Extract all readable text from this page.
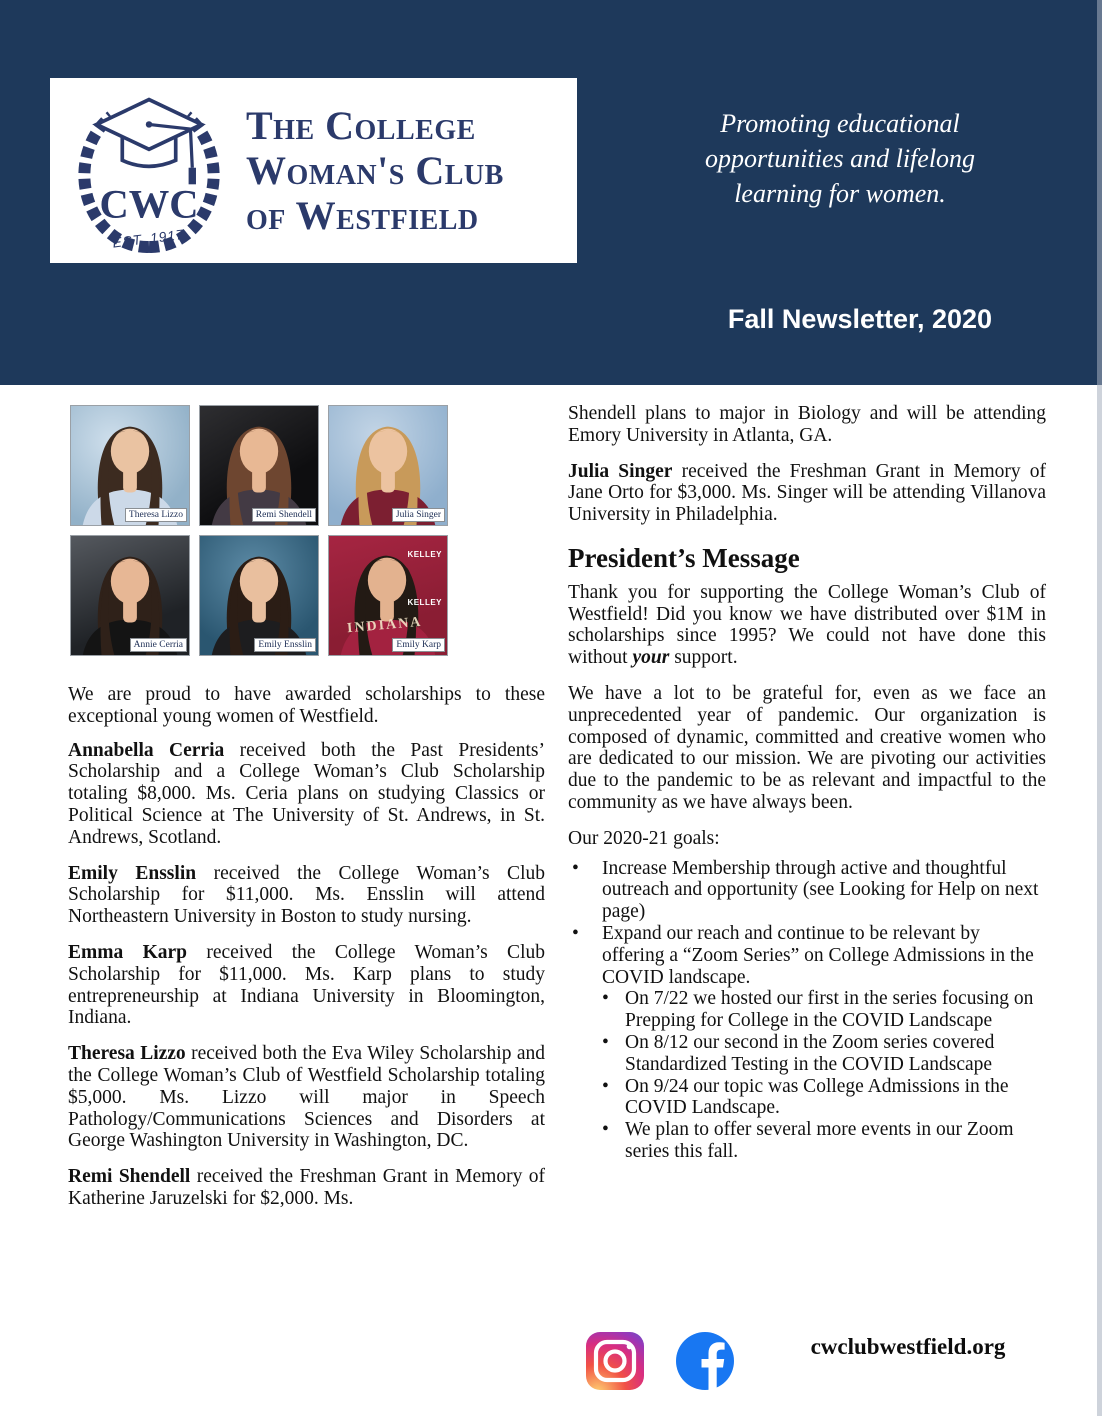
CWC
EST. 1917
The College
Woman's Club
of Westfield
Promoting educational opportunities and lifelong learning for women.
Fall Newsletter, 2020
Theresa Lizzo	Remi Shendell	Julia Singer
Annie Cerria	Emily Ensslin
KELLEY
KELLEY
INDIANA
Emily Karp

We are proud to have awarded scholarships to these exceptional young women of Westfield.

Annabella Cerria received both the Past Presidents’ Scholarship and a College Woman’s Club Scholarship totaling $8,000. Ms. Ceria plans on studying Classics or Political Science at The University of St. Andrews, in St. Andrews, Scotland.

Emily Ensslin received the College Woman’s Club Scholarship for $11,000. Ms. Ensslin will attend Northeastern University in Boston to study nursing.

Emma Karp received the College Woman’s Club Scholarship for $11,000. Ms. Karp plans to study entrepreneurship at Indiana University in Bloomington, Indiana.

Theresa Lizzo received both the Eva Wiley Scholarship and the College Woman’s Club of Westfield Scholarship totaling $5,000. Ms. Lizzo will major in Speech Pathology/Communications Sciences and Disorders at George Washington University in Washington, DC.

Remi Shendell received the Freshman Grant in Memory of Katherine Jaruzelski for $2,000. Ms.

Shendell plans to major in Biology and will be attending Emory University in Atlanta, GA.

Julia Singer received the Freshman Grant in Memory of Jane Orto for $3,000. Ms. Singer will be attending Villanova University in Philadelphia.

President’s Message

Thank you for supporting the College Woman’s Club of Westfield! Did you know we have distributed over $1M in scholarships since 1995? We could not have done this without your support.

We have a lot to be grateful for, even as we face an unprecedented year of pandemic. Our organization is composed of dynamic, committed and creative women who are dedicated to our mission. We are pivoting our activities due to the pandemic to be as relevant and impactful to the community as we have always been.

Our 2020-21 goals:

• Increase Membership through active and thoughtful outreach and opportunity (see Looking for Help on next page)
• Expand our reach and continue to be relevant by offering a “Zoom Series” on College Admissions in the COVID landscape.
• On 7/22 we hosted our first in the series focusing on Prepping for College in the COVID Landscape
• On 8/12 our second in the Zoom series covered Standardized Testing in the COVID Landscape
• On 9/24 our topic was College Admissions in the COVID Landscape.
• We plan to offer several more events in our Zoom series this fall.
cwclubwestfield.org
